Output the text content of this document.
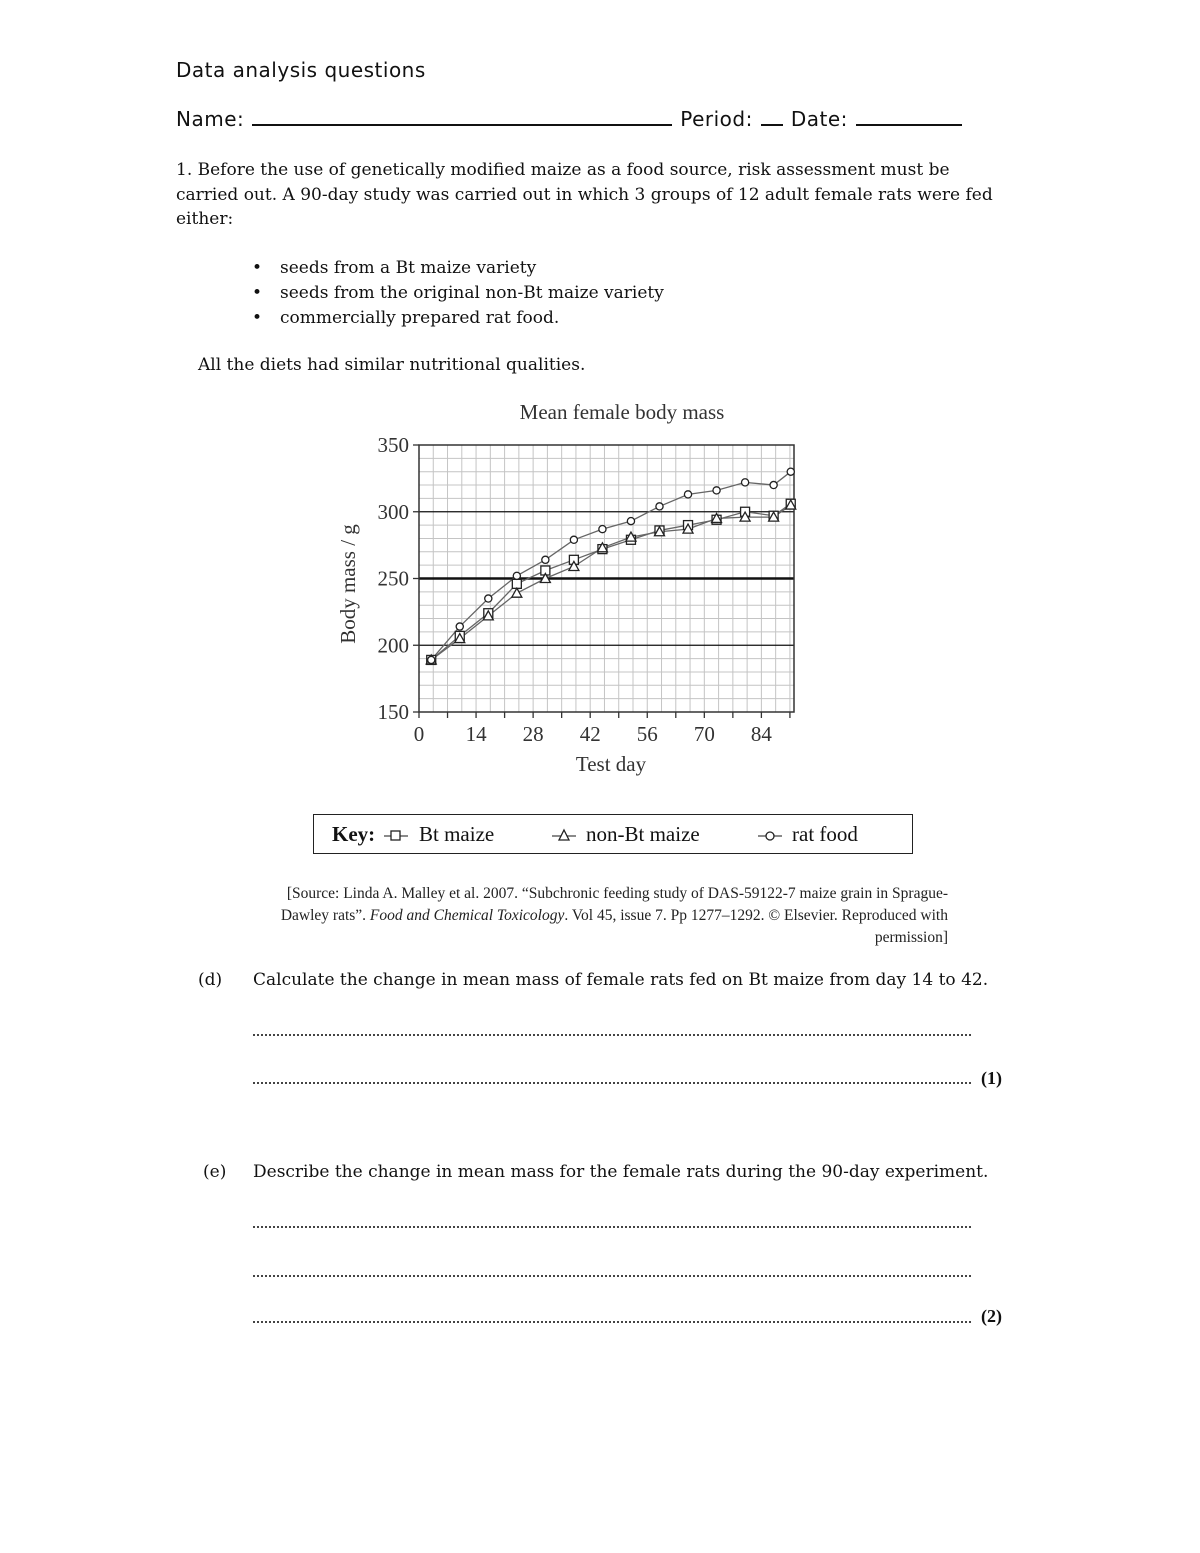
Data analysis questions
Name:	Period: Date:
1. Before the use of genetically modified maize as a food source, risk assessment must be carried out. A 90-day study was carried out in which 3 groups of 12 adult female rats were fed either:
• seeds from a Bt maize variety
• seeds from the original non-Bt maize variety
• commercially prepared rat food.
All the diets had similar nutritional qualities.
150
200
250
300
350
0 14 28 42 56 70 84
Mean female body mass
Test day
Body mass / g
Key: Bt maize	non-Bt maize	rat food
[Source: Linda A. Malley et al. 2007. “Subchronic feeding study of DAS-59122-7 maize grain in Sprague-
Dawley rats”. Food and Chemical Toxicology. Vol 45, issue 7. Pp 1277–1292. © Elsevier. Reproduced with
permission]
(d) Calculate the change in mean mass of female rats fed on Bt maize from day 14 to 42.
(1)
(e) Describe the change in mean mass for the female rats during the 90-day experiment.
(2)
